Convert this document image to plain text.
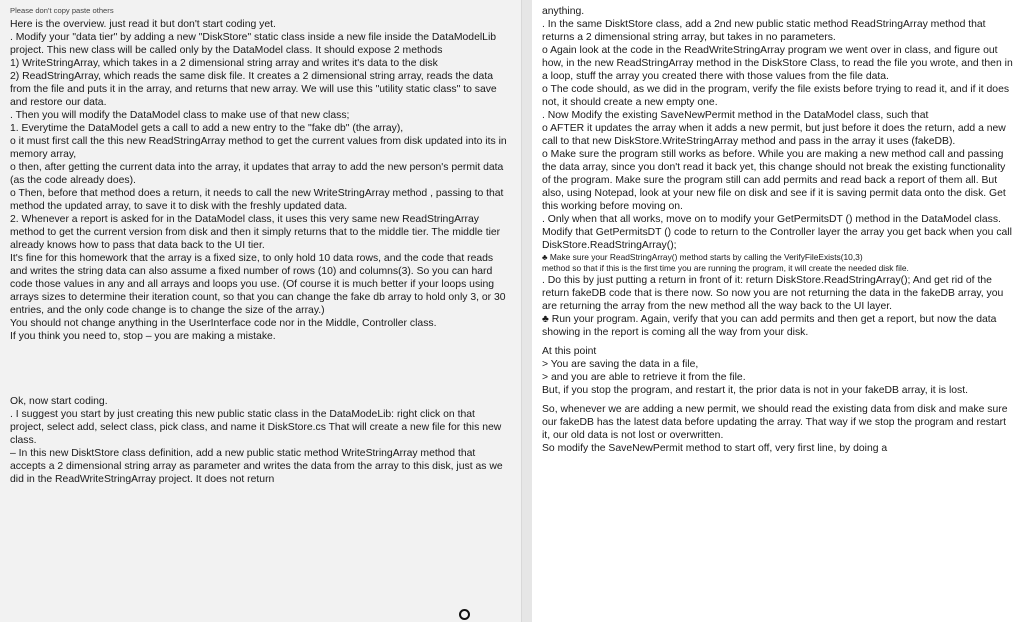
Please don't copy paste others

Here is the overview. just read it but don't start coding yet.

. Modify your "data tier" by adding a new "DiskStore" static class inside a new file inside the DataModelLib project. This new class will be called only by the DataModel class. It should expose 2 methods

1) WriteStringArray, which takes in a 2 dimensional string array and writes it's data to the disk

2) ReadStringArray, which reads the same disk file. It creates a 2 dimensional string array, reads the data from the file and puts it in the array, and returns that new array. We will use this "utility static class" to save and restore our data.

. Then you will modify the DataModel class to make use of that new class;

1. Everytime the DataModel gets a call to add a new entry to the "fake db" (the array),

o it must first call the this new ReadStringArray method to get the current values from disk updated into its in memory array,

o then, after getting the current data into the array, it updates that array to add the new person's permit data (as the code already does).

o Then, before that method does a return, it needs to call the new WriteStringArray method , passing to that method the updated array, to save it to disk with the freshly updated data.

2. Whenever a report is asked for in the DataModel class, it uses this very same new ReadStringArray method to get the current version from disk and then it simply returns that to the middle tier. The middle tier already knows how to pass that data back to the UI tier.

It's fine for this homework that the array is a fixed size, to only hold 10 data rows, and the code that reads and writes the string data can also assume a fixed number of rows (10) and columns(3). So you can hard code those values in any and all arrays and loops you use. (Of course it is much better if your loops using arrays sizes to determine their iteration count, so that you can change the fake db array to hold only 3, or 30 entries, and the only code change is to change the size of the array.)

You should not change anything in the UserInterface code nor in the Middle, Controller class.

If you think you need to, stop – you are making a mistake.

Ok, now start coding.

. I suggest you start by just creating this new public static class in the DataModeLib: right click on that project, select add, select class, pick class, and name it DiskStore.cs That will create a new file for this new class.

– In this new DisktStore class definition, add a new public static method WriteStringArray method that accepts a 2 dimensional string array as parameter and writes the data from the array to this disk, just as we did in the ReadWriteStringArray project. It does not return

anything.

. In the same DisktStore class, add a 2nd new public static method ReadStringArray method that returns a 2 dimensional string array, but takes in no parameters.

o Again look at the code in the ReadWriteStringArray program we went over in class, and figure out how, in the new ReadStringArray method in the DiskStore Class, to read the file you wrote, and then in a loop, stuff the array you created there with those values from the file data.

o The code should, as we did in the program, verify the file exists before trying to read it, and if it does not, it should create a new empty one.

. Now Modify the existing SaveNewPermit method in the DataModel class, such that

o AFTER it updates the array when it adds a new permit, but just before it does the return, add a new call to that new DiskStore.WriteStringArray method and pass in the array it uses (fakeDB).

o Make sure the program still works as before. While you are making a new method call and passing the data array, since you don't read it back yet, this change should not break the existing functionality of the program. Make sure the program still can add permits and read back a report of them all. But also, using Notepad, look at your new file on disk and see if it is saving permit data onto the disk. Get this working before moving on.

. Only when that all works, move on to modify your GetPermitsDT () method in the DataModel class.

Modify that GetPermitsDT () code to return to the Controller layer the array you get back when you call DiskStore.ReadStringArray();

♣ Make sure your ReadStringArray() method starts by calling the VerifyFileExists(10,3)

method so that if this is the first time you are running the program, it will create the needed disk file.

. Do this by just putting a return in front of it: return DiskStore.ReadStringArray(); And get rid of the return fakeDB code that is there now. So now you are not returning the data in the fakeDB array, you are returning the array from the new method all the way back to the UI layer.

♣ Run your program. Again, verify that you can add permits and then get a report, but now the data showing in the report is coming all the way from your disk.

At this point

> You are saving the data in a file,

> and you are able to retrieve it from the file.

But, if you stop the program, and restart it, the prior data is not in your fakeDB array, it is lost.

So, whenever we are adding a new permit, we should read the existing data from disk and make sure our fakeDB has the latest data before updating the array. That way if we stop the program and restart it, our old data is not lost or overwritten.

So modify the SaveNewPermit method to start off, very first line, by doing a
